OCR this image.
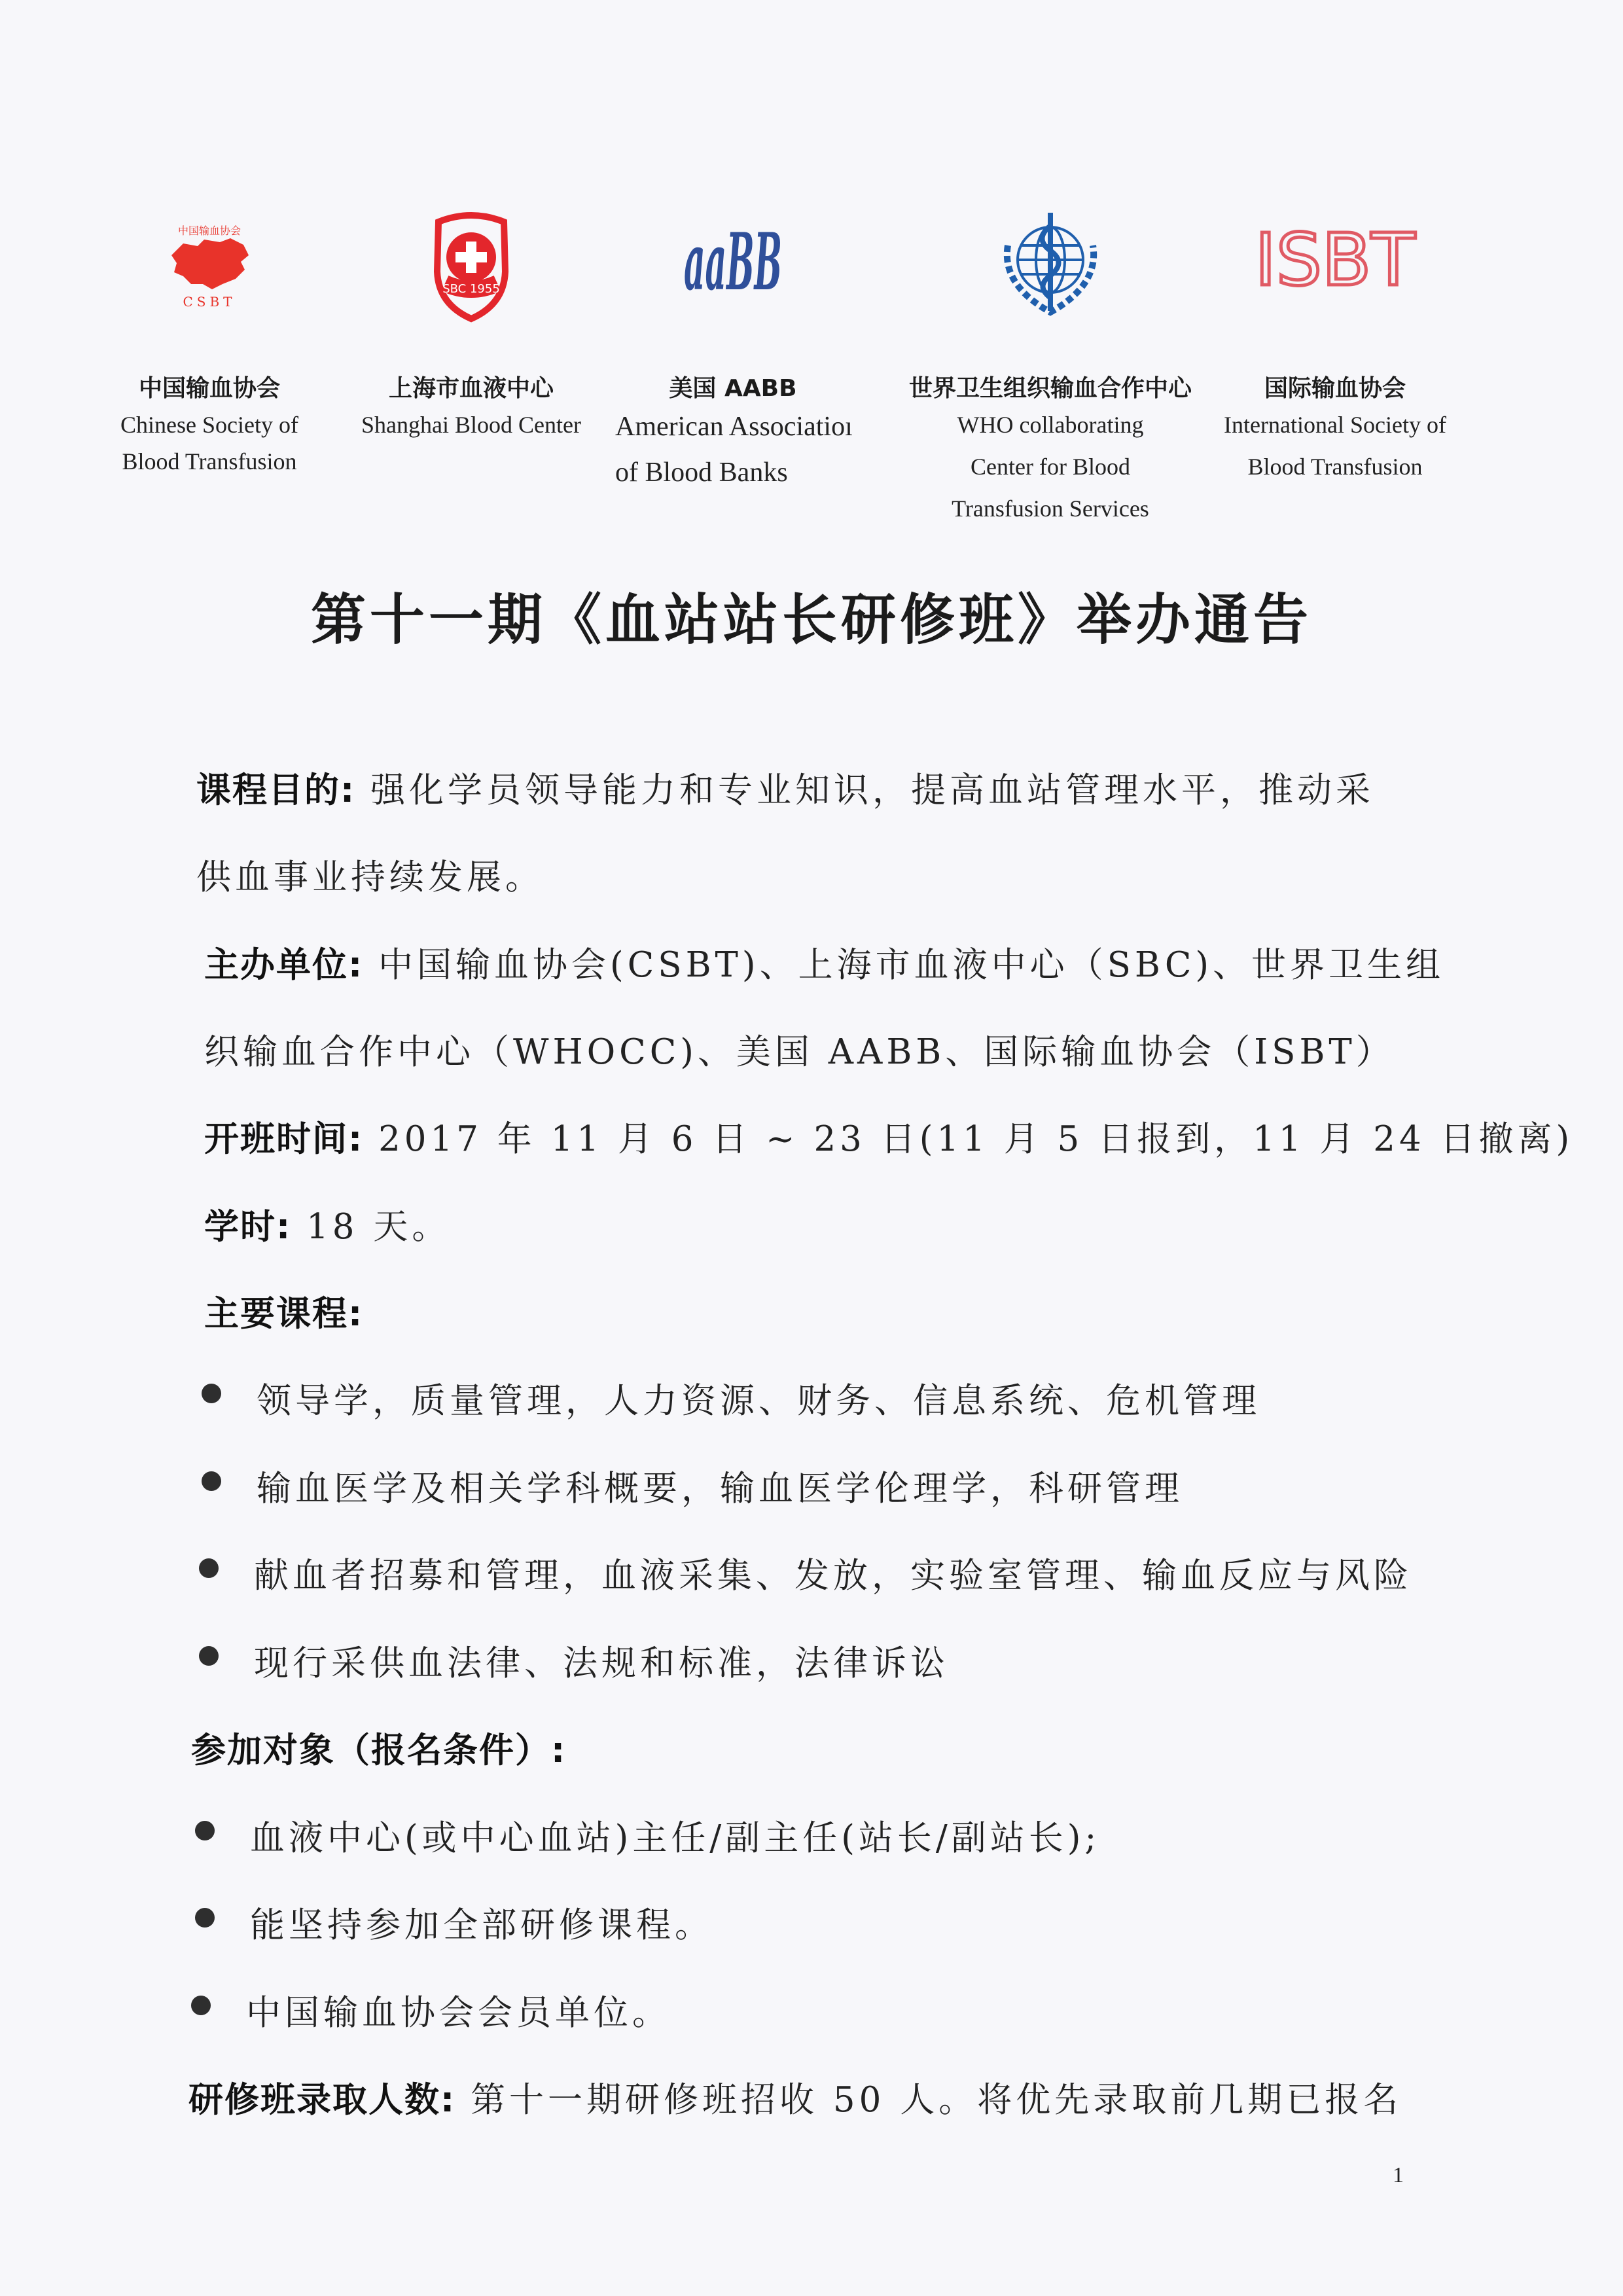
中国输血协会
CSBT
中国输血协会
Chinese Society of
Blood Transfusion
SBC 1955
上海市血液中心
Shanghai Blood Center
aaBB
美国 AABB
American Associatioı
of Blood Banks
世界卫生组织输血合作中心
WHO collaborating
Center for Blood
Transfusion Services
ISBT
国际输血协会
International Society of
Blood Transfusion
第十一期《血站站长研修班》举办通告
课程目的: 强化学员领导能力和专业知识，提高血站管理水平，推动采
供血事业持续发展。
主办单位: 中国输血协会(CSBT)、上海市血液中心（SBC)、世界卫生组
织输血合作中心（WHOCC)、美国 AABB、国际输血协会（ISBT）
开班时间: 2017 年 11 月 6 日 ~ 23 日(11 月 5 日报到，11 月 24 日撤离)
学时: 18 天。
主要课程:
领导学，质量管理，人力资源、财务、信息系统、危机管理
输血医学及相关学科概要，输血医学伦理学，科研管理
献血者招募和管理，血液采集、发放，实验室管理、输血反应与风险
现行采供血法律、法规和标准，法律诉讼
参加对象（报名条件）:
血液中心(或中心血站)主任/副主任(站长/副站长);
能坚持参加全部研修课程。
中国输血协会会员单位。
研修班录取人数: 第十一期研修班招收 50 人。将优先录取前几期已报名
1
